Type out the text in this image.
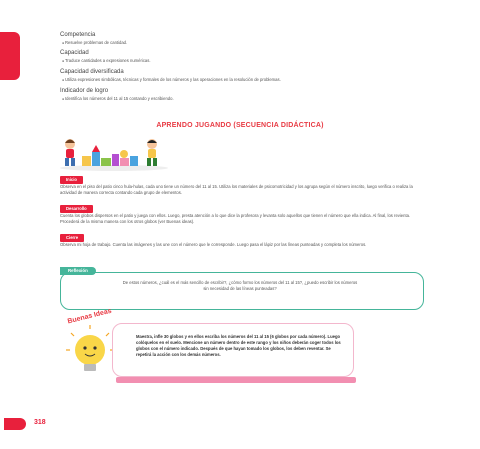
Competencia
● Resuelve problemas de cantidad.
Capacidad
● Traduce cantidades a expresiones numéricas.
Capacidad diversificada
● Utiliza expresiones simbólicas, técnicas y formales de los números y las operaciones en la resolución de problemas.
Indicador de logro
● Identifica los números del 11 al 15 contando y escribiendo.
APRENDO JUGANDO (SECUENCIA DIDÁCTICA)
Inicio
Observa en el piso del patio cinco hula-hulas, cada uno tiene un número del 11 al 15. Utiliza los materiales de psicomotricidad y los agrupa según el número inscrito, luego verifica o realiza la actividad de manera correcta contando cada grupo de elementos.
Desarrollo
Cuenta los globos dispersos en el patio y juega con ellos. Luego, presta atención a lo que dice la profesora y levanta solo aquellos que tienen el número que ella indica. Al final, los revienta. Procederá de la misma manera con los otros globos (ver Buenas ideas).
Cierre
Observa mi hoja de trabajo. Cuenta las imágenes y las une con el número que le corresponde. Luego pasa el lápiz por las líneas punteadas y completa los números.
Reflexión
De estos números, ¿cuál es el más sencillo de escribir?, ¿cómo formo los números del 11 al 15?, ¿puedo escribir los números sin necesidad de las líneas punteadas?
Buenas Ideas
Maestra, infle 30 globos y en ellos escriba los números del 11 al 15 (6 globos por cada número). Luego colóquelos en el suelo. Mencione un número dentro de este rango y los niños deberán coger todos los globos con el número indicado. Después de que hayan tomado los globos, los deben reventar. Se repetirá la acción con los demás números.
318
